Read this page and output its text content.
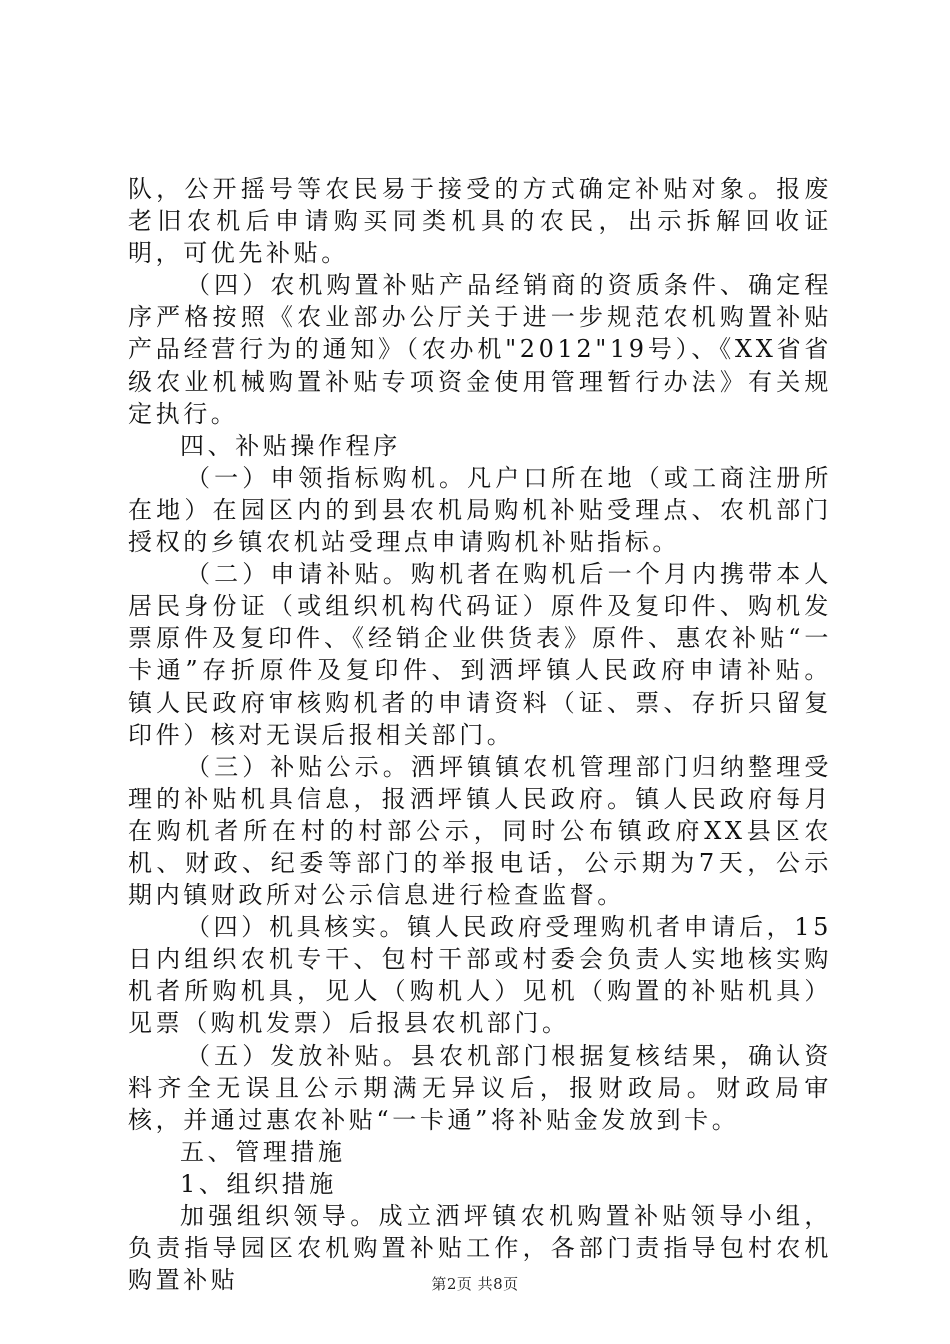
队，公开摇号等农民易于接受的方式确定补贴对象。报废老旧农机后申请购买同类机具的农民，出示拆解回收证明，可优先补贴。

（四）农机购置补贴产品经销商的资质条件、确定程序严格按照《农业部办公厅关于进一步规范农机购置补贴产品经营行为的通知》（农办机"2012"19号）、《XX省省级农业机械购置补贴专项资金使用管理暂行办法》有关规定执行。

四、补贴操作程序

（一）申领指标购机。凡户口所在地（或工商注册所在地）在园区内的到县农机局购机补贴受理点、农机部门授权的乡镇农机站受理点申请购机补贴指标。

（二）申请补贴。购机者在购机后一个月内携带本人居民身份证（或组织机构代码证）原件及复印件、购机发票原件及复印件、《经销企业供货表》原件、惠农补贴“一卡通”存折原件及复印件、到洒坪镇人民政府申请补贴。镇人民政府审核购机者的申请资料（证、票、存折只留复印件）核对无误后报相关部门。

（三）补贴公示。洒坪镇镇农机管理部门归纳整理受理的补贴机具信息，报洒坪镇人民政府。镇人民政府每月在购机者所在村的村部公示，同时公布镇政府XX县区农机、财政、纪委等部门的举报电话，公示期为7天，公示期内镇财政所对公示信息进行检查监督。

（四）机具核实。镇人民政府受理购机者申请后，15日内组织农机专干、包村干部或村委会负责人实地核实购机者所购机具，见人（购机人）见机（购置的补贴机具）见票（购机发票）后报县农机部门。

（五）发放补贴。县农机部门根据复核结果，确认资料齐全无误且公示期满无异议后，报财政局。财政局审核，并通过惠农补贴“一卡通”将补贴金发放到卡。

五、管理措施

1、组织措施

加强组织领导。成立洒坪镇农机购置补贴领导小组，负责指导园区农机购置补贴工作，各部门责指导包村农机购置补贴	第2页 共8页
